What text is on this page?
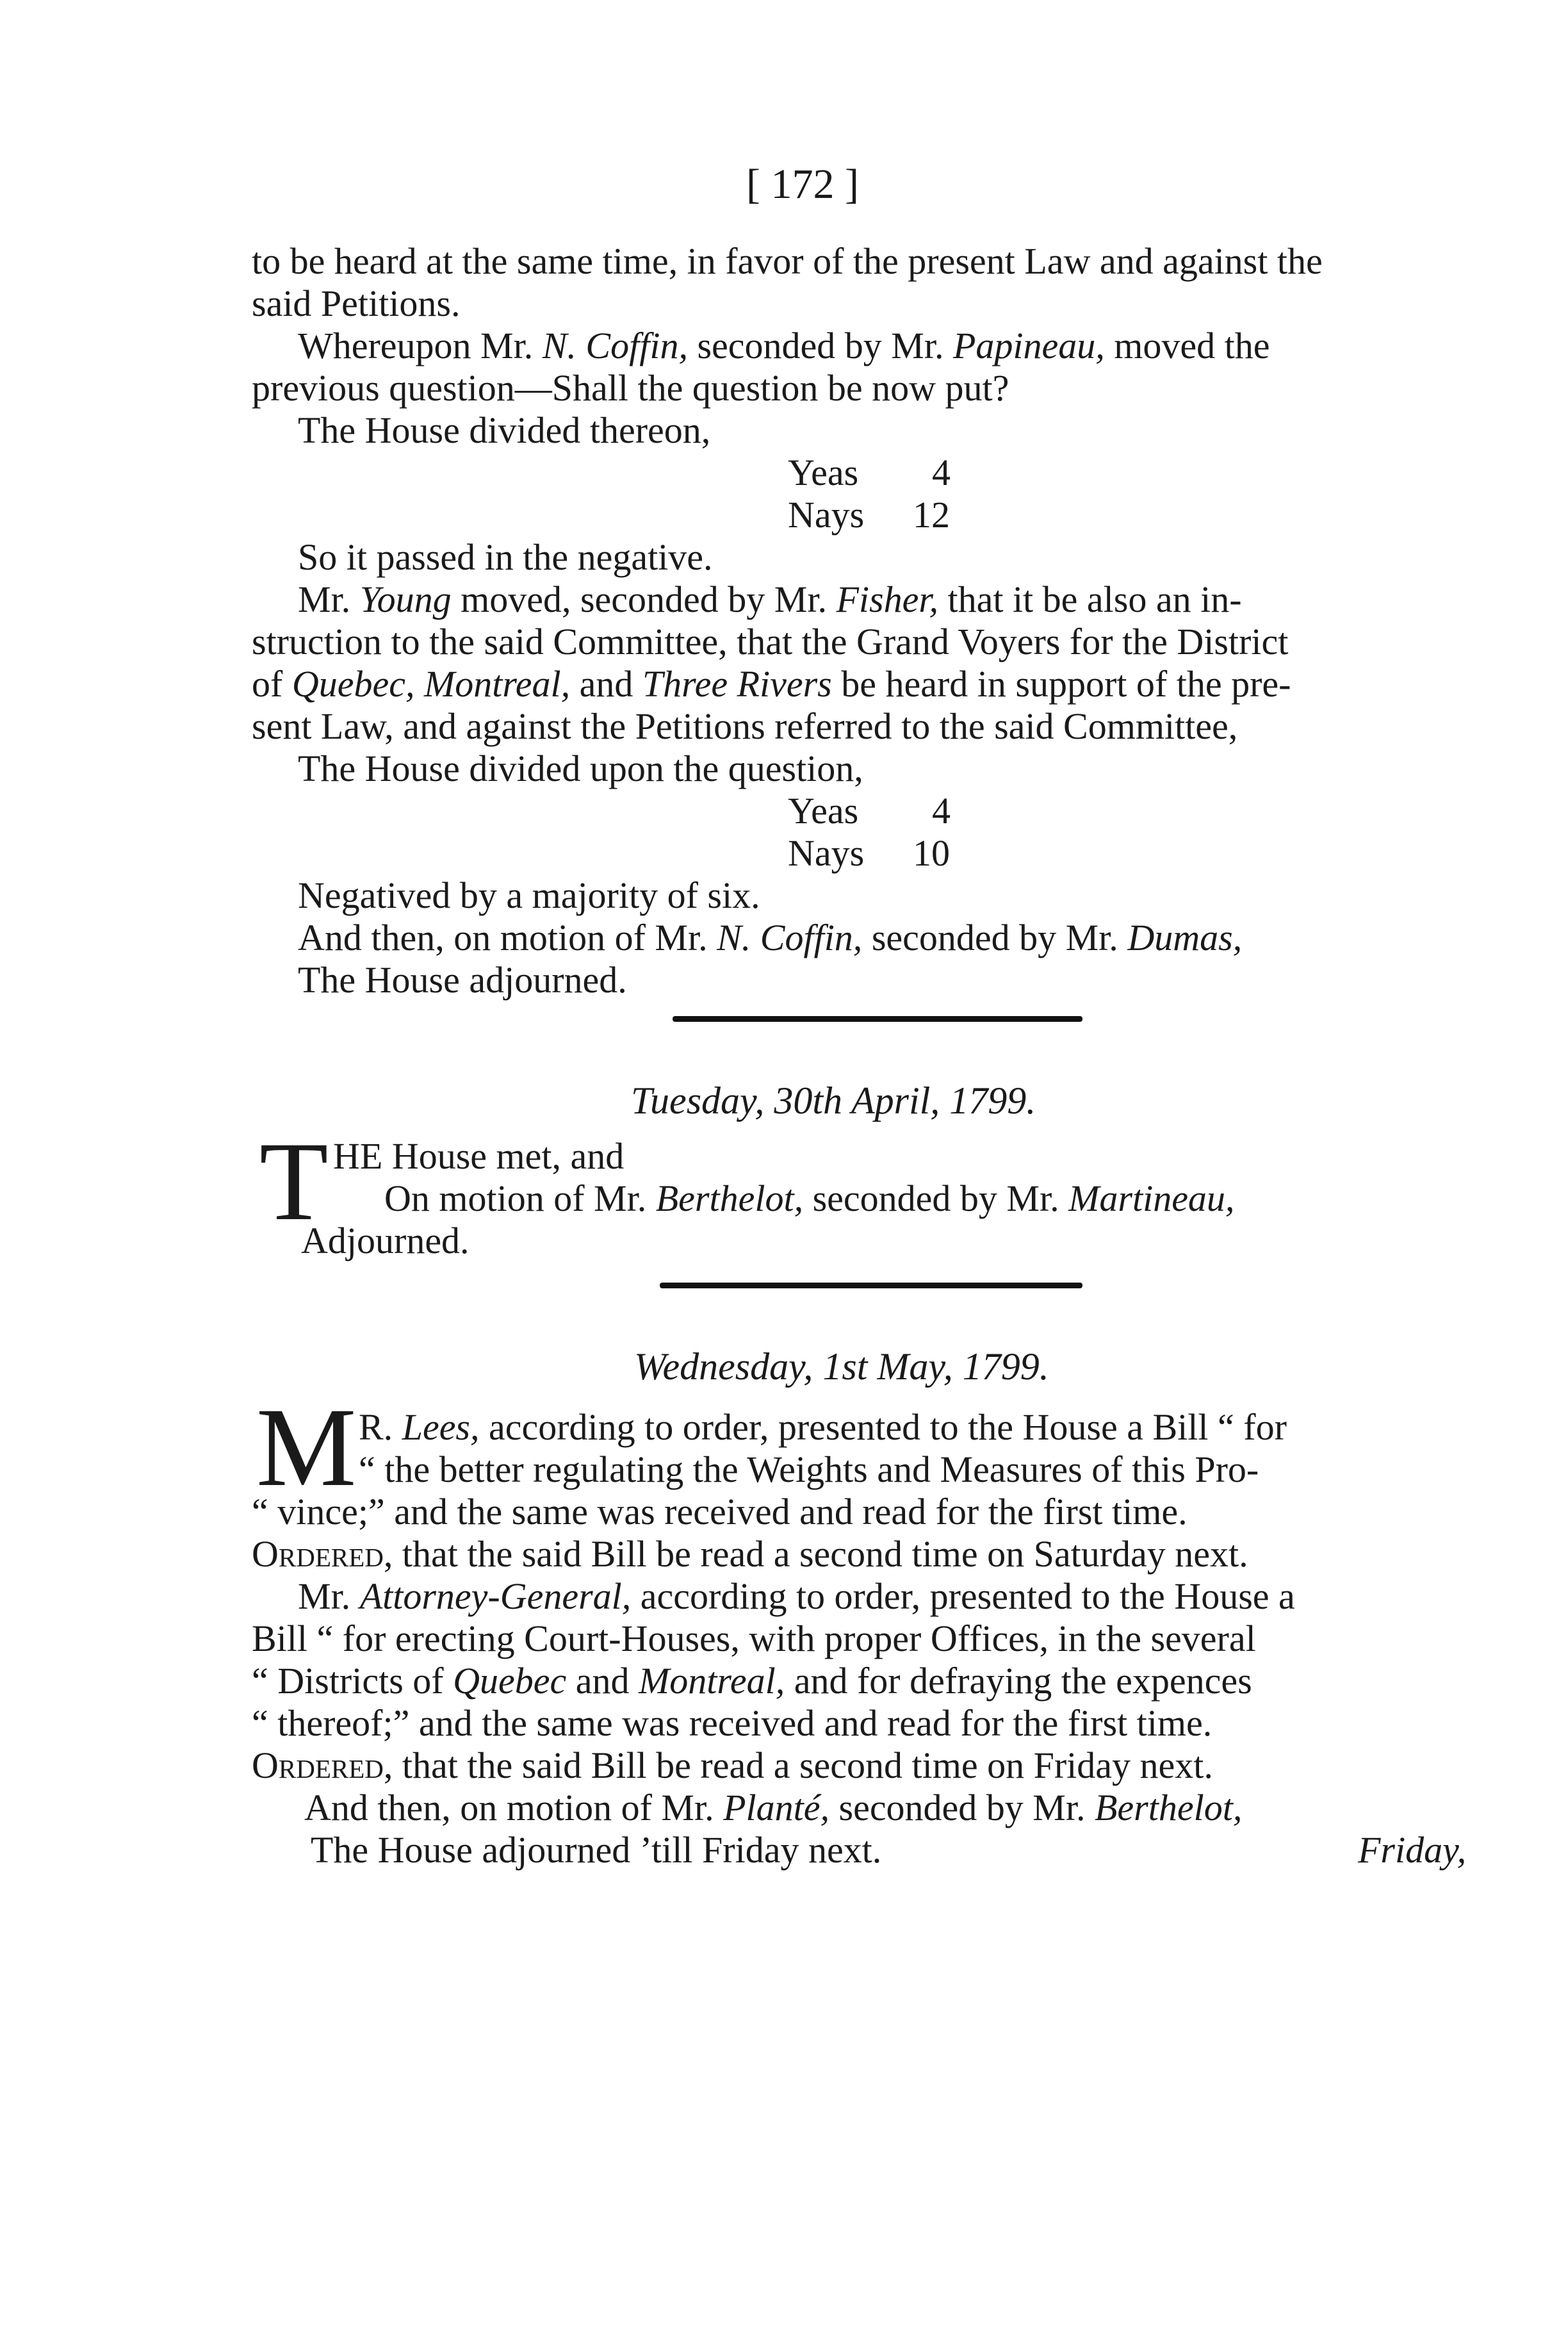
[ 172 ]
to be heard at the same time, in favor of the present Law and against the
said Petitions.
Whereupon Mr. N. Coffin, seconded by Mr. Papineau, moved the
previous question—Shall the question be now put?
The House divided thereon,
Yeas 4
Nays 12
So it passed in the negative.
Mr. Young moved, seconded by Mr. Fisher, that it be also an in-
struction to the said Committee, that the Grand Voyers for the District
of Quebec, Montreal, and Three Rivers be heard in support of the pre-
sent Law, and against the Petitions referred to the said Committee,
The House divided upon the question,
Yeas 4
Nays 10
Negatived by a majority of six.
And then, on motion of Mr. N. Coffin, seconded by Mr. Dumas,
The House adjourned.
Tuesday, 30th April, 1799.
T HE House met, and
On motion of Mr. Berthelot, seconded by Mr. Martineau,
Adjourned.
Wednesday, 1st May, 1799.
M R. Lees, according to order, presented to the House a Bill “ for
“ the better regulating the Weights and Measures of this Pro-
“ vince;” and the same was received and read for the first time.
Ordered, that the said Bill be read a second time on Saturday next.
Mr. Attorney-General, according to order, presented to the House a
Bill “ for erecting Court-Houses, with proper Offices, in the several
“ Districts of Quebec and Montreal, and for defraying the expences
“ thereof;” and the same was received and read for the first time.
Ordered, that the said Bill be read a second time on Friday next.
And then, on motion of Mr. Planté, seconded by Mr. Berthelot,
The House adjourned ’till Friday next.	Friday,
